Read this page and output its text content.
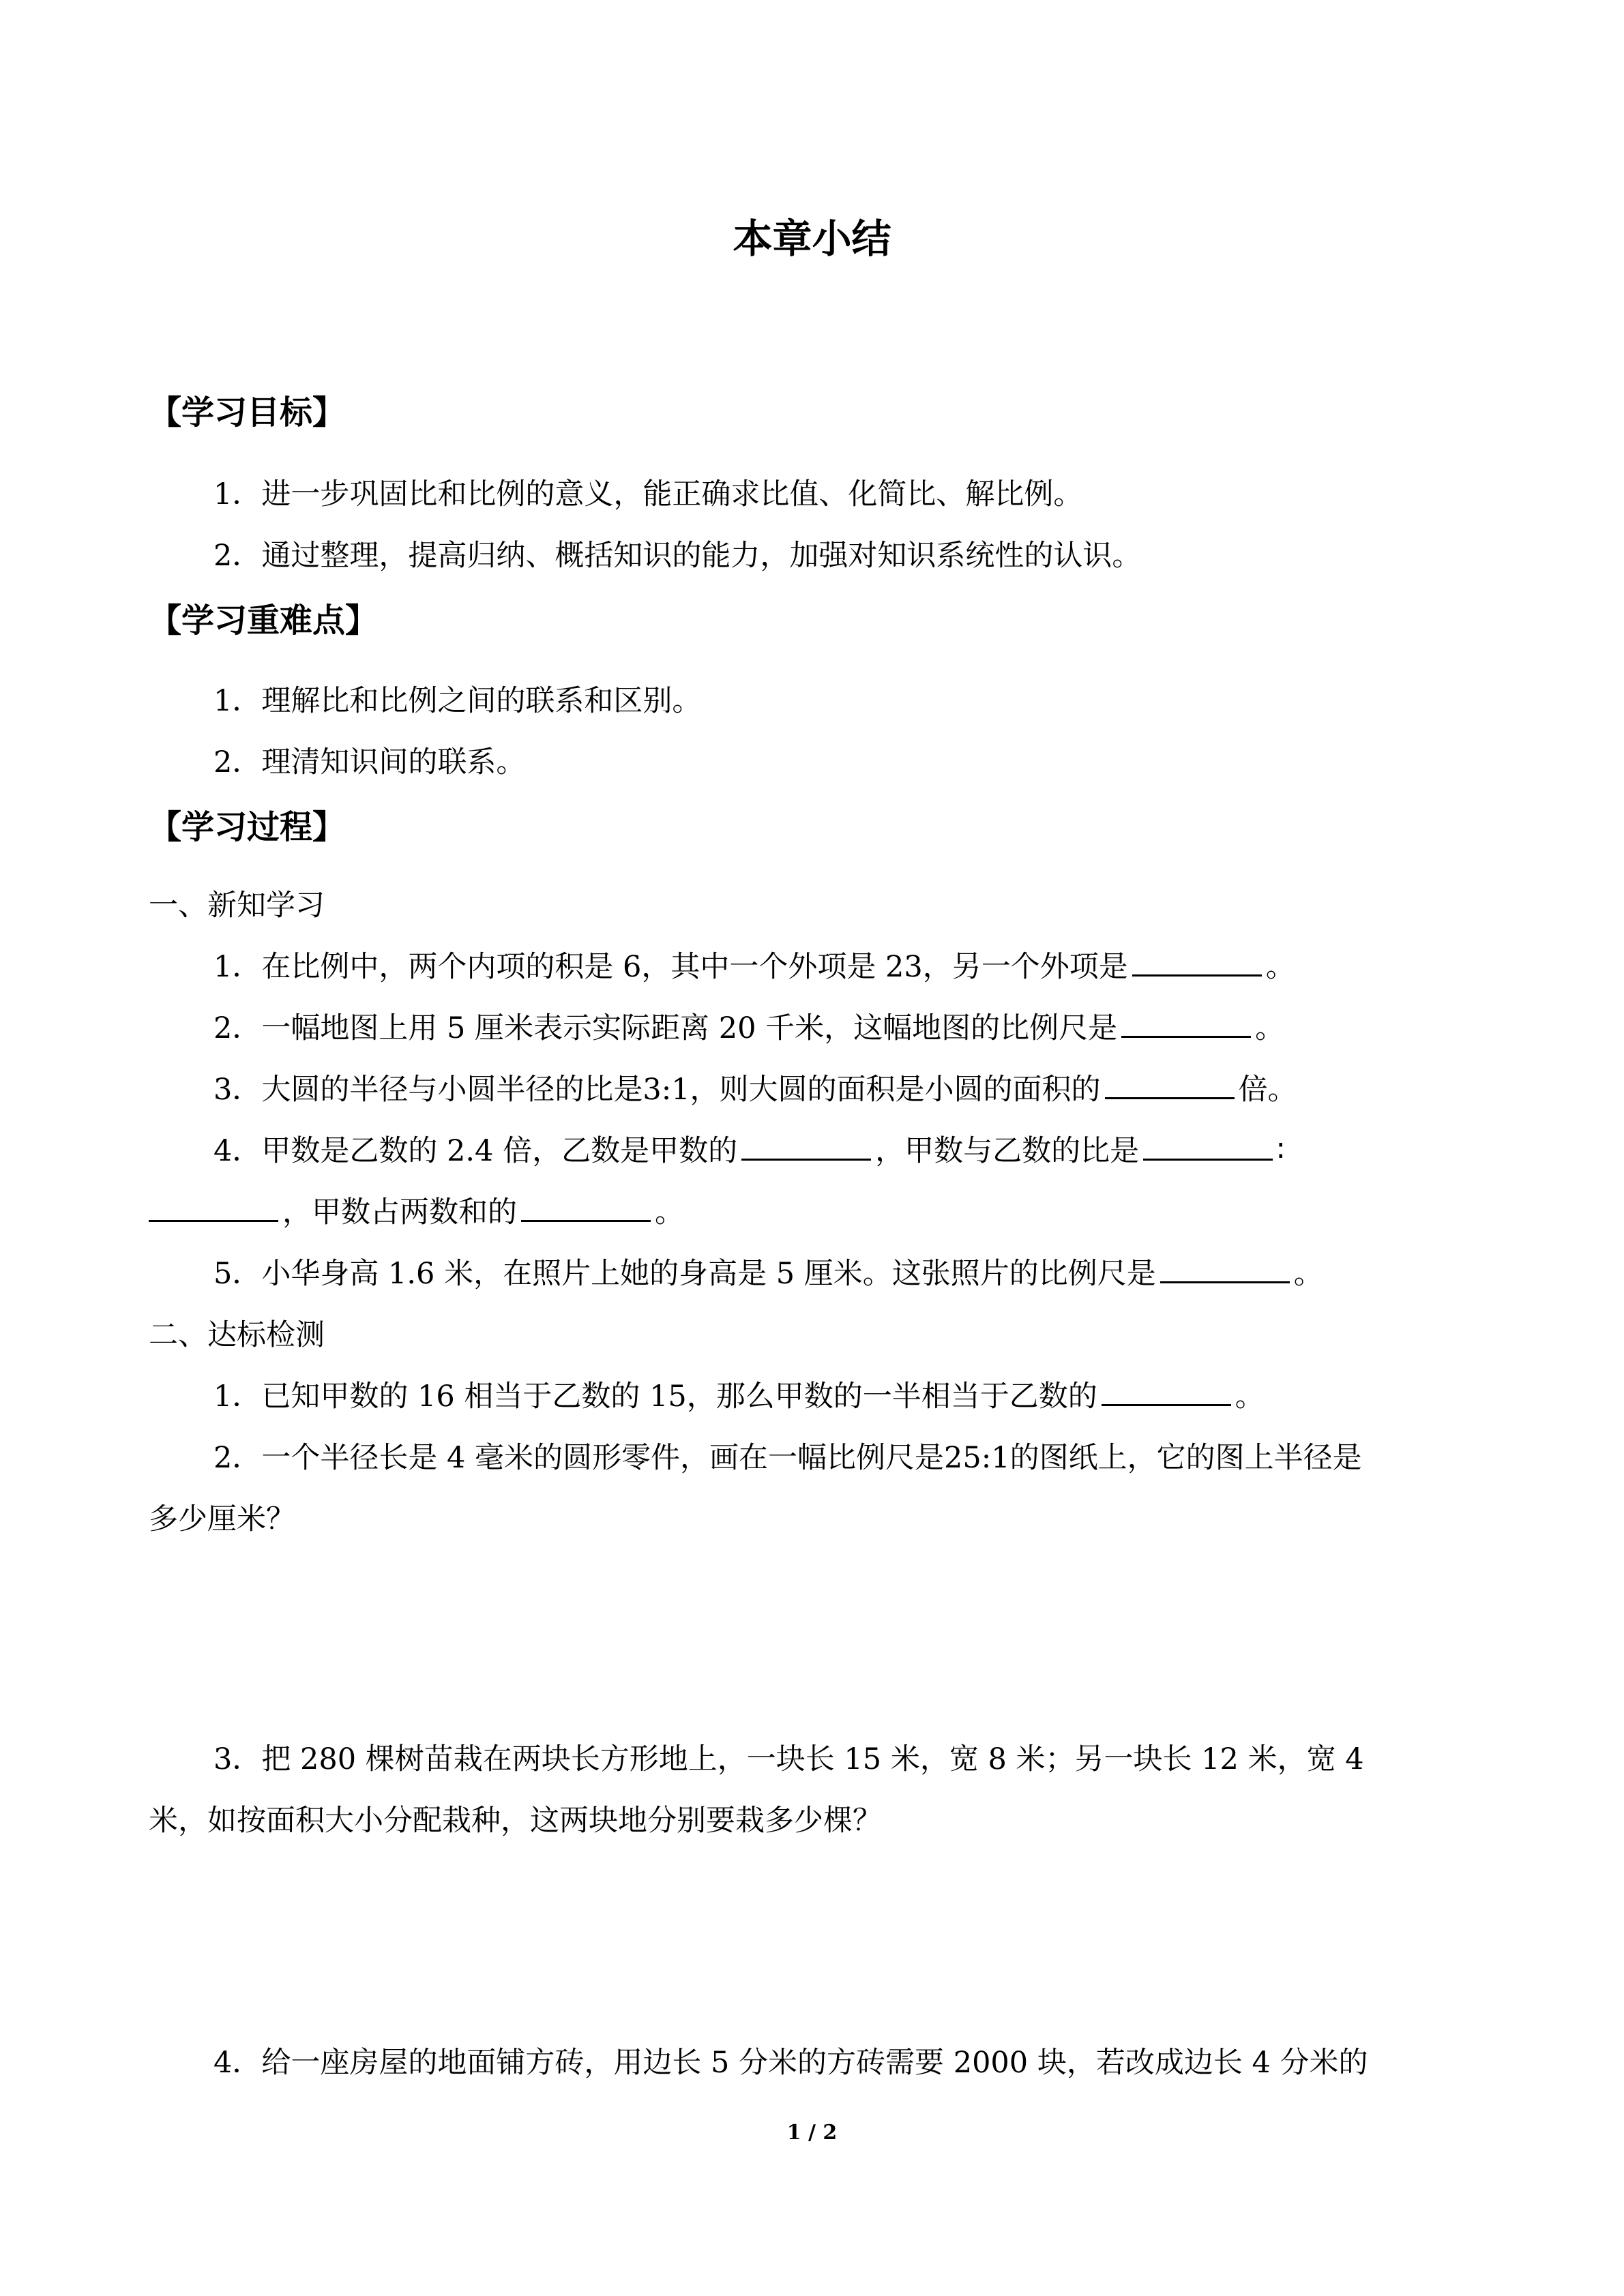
本章小结
【学习目标】
1．进一步巩固比和比例的意义，能正确求比值、化简比、解比例。
2．通过整理，提高归纳、概括知识的能力，加强对知识系统性的认识。
【学习重难点】
1．理解比和比例之间的联系和区别。
2．理清知识间的联系。
【学习过程】
一、新知学习
1．在比例中，两个内项的积是 6，其中一个外项是 23，另一个外项是	。
2．一幅地图上用 5 厘米表示实际距离 20 千米，这幅地图的比例尺是	。
3．大圆的半径与小圆半径的比是3:1，则大圆的面积是小圆的面积的	倍。
4．甲数是乙数的 2.4 倍，乙数是甲数的	，甲数与乙数的比是	∶
，甲数占两数和的	。
5．小华身高 1.6 米，在照片上她的身高是 5 厘米。这张照片的比例尺是	。
二、达标检测
1．已知甲数的 16 相当于乙数的 15，那么甲数的一半相当于乙数的	。
2．一个半径长是 4 毫米的圆形零件，画在一幅比例尺是25:1的图纸上，它的图上半径是
多少厘米？
3．把 280 棵树苗栽在两块长方形地上，一块长 15 米，宽 8 米；另一块长 12 米，宽 4
米，如按面积大小分配栽种，这两块地分别要栽多少棵？
4．给一座房屋的地面铺方砖，用边长 5 分米的方砖需要 2000 块，若改成边长 4 分米的
1 / 2
